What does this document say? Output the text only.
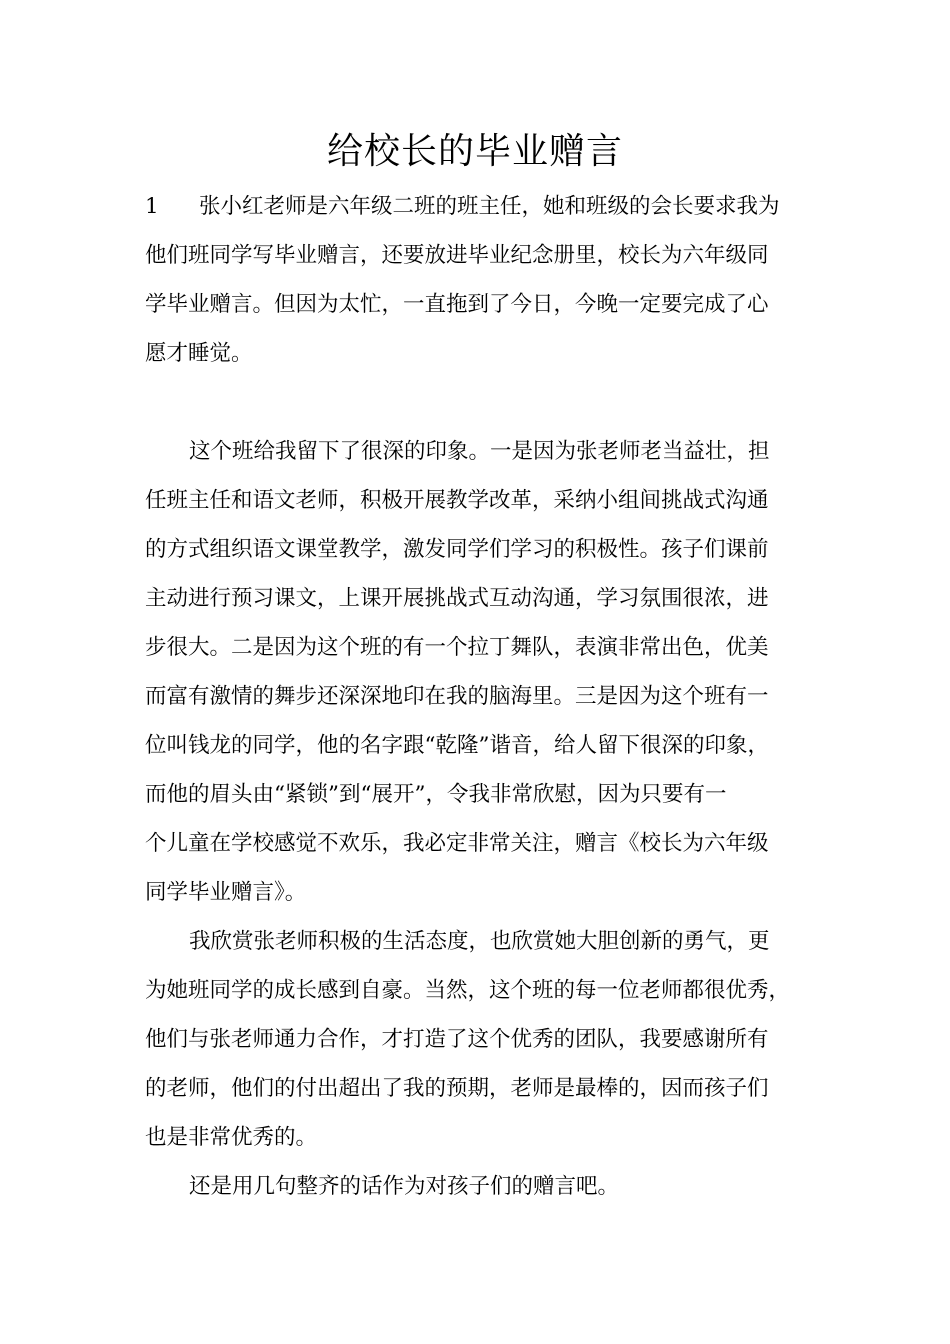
给校长的毕业赠言
1 张小红老师是六年级二班的班主任，她和班级的会长要求我为
他们班同学写毕业赠言，还要放进毕业纪念册里，校长为六年级同
学毕业赠言。但因为太忙，一直拖到了今日，今晚一定要完成了心
愿才睡觉。
这个班给我留下了很深的印象。一是因为张老师老当益壮，担
任班主任和语文老师，积极开展教学改革，采纳小组间挑战式沟通
的方式组织语文课堂教学，激发同学们学习的积极性。孩子们课前
主动进行预习课文，上课开展挑战式互动沟通，学习氛围很浓，进
步很大。二是因为这个班的有一个拉丁舞队，表演非常出色，优美
而富有激情的舞步还深深地印在我的脑海里。三是因为这个班有一
位叫钱龙的同学，他的名字跟“乾隆”谐音，给人留下很深的印象，
而他的眉头由“紧锁”到“展开”，令我非常欣慰，因为只要有一
个儿童在学校感觉不欢乐，我必定非常关注，赠言《校长为六年级
同学毕业赠言》。
我欣赏张老师积极的生活态度，也欣赏她大胆创新的勇气，更
为她班同学的成长感到自豪。当然，这个班的每一位老师都很优秀，
他们与张老师通力合作，才打造了这个优秀的团队，我要感谢所有
的老师，他们的付出超出了我的预期，老师是最棒的，因而孩子们
也是非常优秀的。
还是用几句整齐的话作为对孩子们的赠言吧。
